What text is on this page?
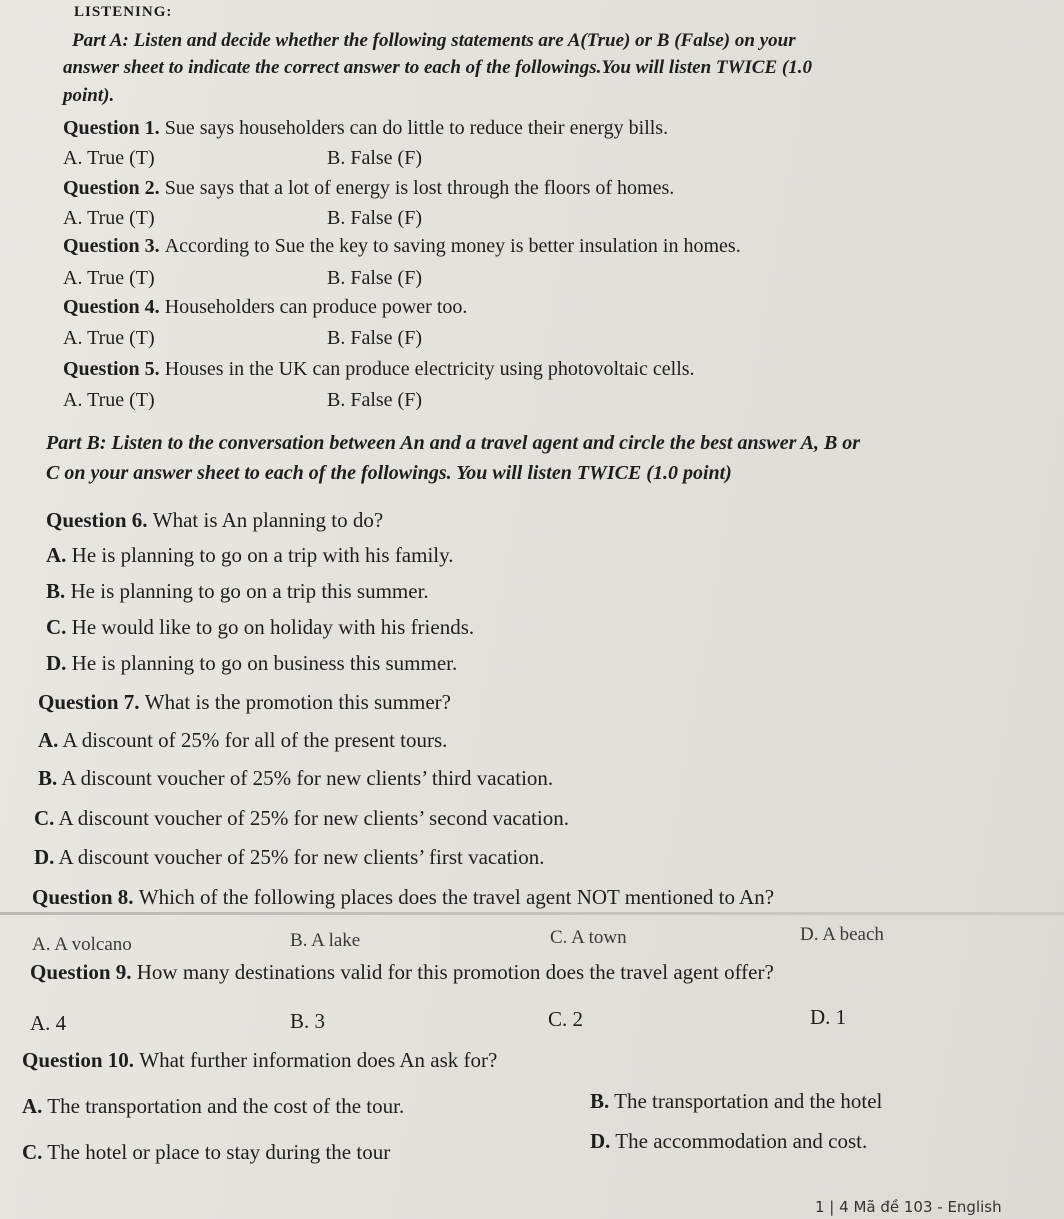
LISTENING:
Part A: Listen and decide whether the following statements are A(True) or B (False) on your
answer sheet to indicate the correct answer to each of the followings.You will listen TWICE (1.0
point).
Question 1. Sue says householders can do little to reduce their energy bills.
A. True (T)	B. False (F)
Question 2. Sue says that a lot of energy is lost through the floors of homes.
A. True (T)	B. False (F)
Question 3. According to Sue the key to saving money is better insulation in homes.
A. True (T)	B. False (F)
Question 4. Householders can produce power too.
A. True (T)	B. False (F)
Question 5. Houses in the UK can produce electricity using photovoltaic cells.
A. True (T)	B. False (F)
Part B: Listen to the conversation between An and a travel agent and circle the best answer A, B or
C on your answer sheet to each of the followings. You will listen TWICE (1.0 point)
Question 6. What is An planning to do?
A. He is planning to go on a trip with his family.
B. He is planning to go on a trip this summer.
C. He would like to go on holiday with his friends.
D. He is planning to go on business this summer.
Question 7. What is the promotion this summer?
A. A discount of 25% for all of the present tours.
B. A discount voucher of 25% for new clients’ third vacation.
C. A discount voucher of 25% for new clients’ second vacation.
D. A discount voucher of 25% for new clients’ first vacation.
Question 8. Which of the following places does the travel agent NOT mentioned to An?
A. A volcano	B. A lake	C. A town	D. A beach
Question 9. How many destinations valid for this promotion does the travel agent offer?
A. 4	B. 3	C. 2	D. 1
Question 10. What further information does An ask for?
A. The transportation and the cost of the tour.	B. The transportation and the hotel
C. The hotel or place to stay during the tour	D. The accommodation and cost.
1 | 4 Mã đề 103 - English
